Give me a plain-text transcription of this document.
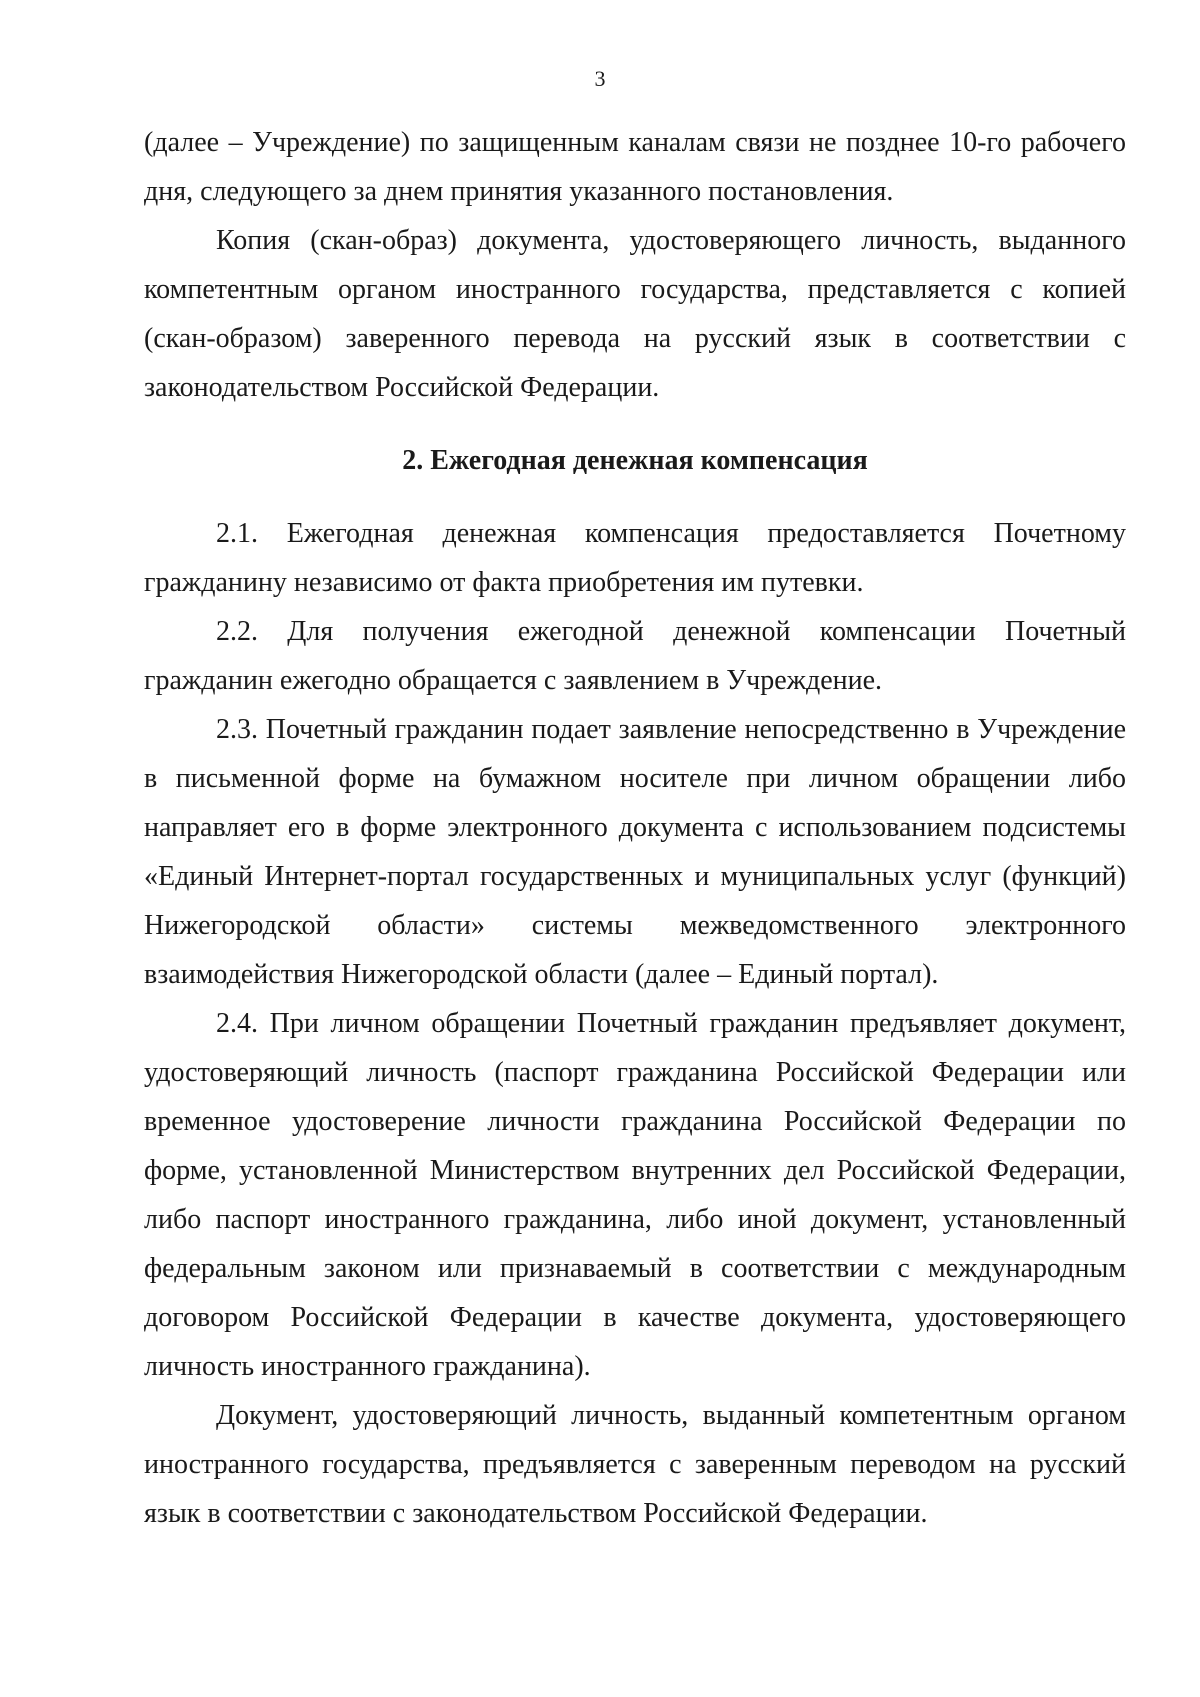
3

(далее – Учреждение) по защищенным каналам связи не позднее 10-го рабочего дня, следующего за днем принятия указанного постановления.

Копия (скан-образ) документа, удостоверяющего личность, выданного компетентным органом иностранного государства, представляется с копией (скан-образом) заверенного перевода на русский язык в соответствии с законодательством Российской Федерации.

2. Ежегодная денежная компенсация

2.1. Ежегодная денежная компенсация предоставляется Почетному гражданину независимо от факта приобретения им путевки.

2.2. Для получения ежегодной денежной компенсации Почетный гражданин ежегодно обращается с заявлением в Учреждение.

2.3. Почетный гражданин подает заявление непосредственно в Учреждение в письменной форме на бумажном носителе при личном обращении либо направляет его в форме электронного документа с использованием подсистемы «Единый Интернет-портал государственных и муниципальных услуг (функций) Нижегородской области» системы межведомственного электронного взаимодействия Нижегородской области (далее – Единый портал).

2.4. При личном обращении Почетный гражданин предъявляет документ, удостоверяющий личность (паспорт гражданина Российской Федерации или временное удостоверение личности гражданина Российской Федерации по форме, установленной Министерством внутренних дел Российской Федерации, либо паспорт иностранного гражданина, либо иной документ, установленный федеральным законом или признаваемый в соответствии с международным договором Российской Федерации в качестве документа, удостоверяющего личность иностранного гражданина).

Документ, удостоверяющий личность, выданный компетентным органом иностранного государства, предъявляется с заверенным переводом на русский язык в соответствии с законодательством Российской Федерации.
